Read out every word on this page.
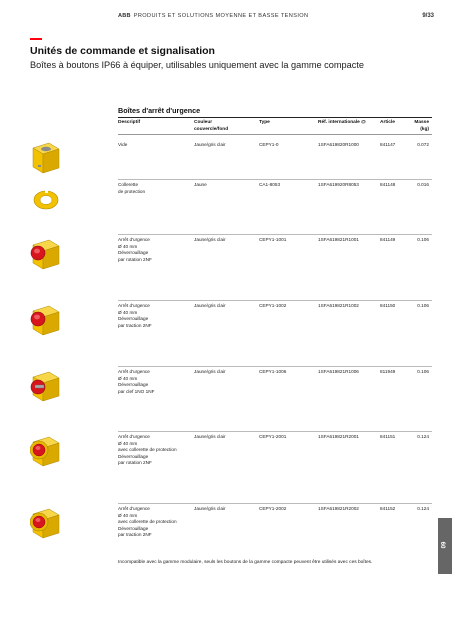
ABB PRODUITS ET SOLUTIONS MOYENNE ET BASSE TENSION	9/33
Unités de commande et signalisation
Boîtes à boutons IP66 à équiper, utilisables uniquement avec la gamme compacte
Boîtes d'arrêt d'urgence
Descriptif	Couleur
couvercle/fond
Type	Réf. internationale @	Article	Masse
(kg)
Vide	Jaune/gris clair	CEPY1-0	1SFA619820R1000	841147	0.072
Collerette
de protection
Jaune	CA1-8053	1SFA619920R8053	841148	0.016
Arrêt d'urgence
Ø 40 mm
Déverrouillage
par rotation 2NF
Jaune/gris clair	CEPY1-1001	1SFA619821R1001	841149	0.106
Arrêt d'urgence
Ø 40 mm
Déverrouillage
par traction 2NF
Jaune/gris clair	CEPY1-1002	1SFA619821R1002	841150	0.106
Arrêt d'urgence
Ø 40 mm
Déverrouillage
par clef 1NO 1NF
Jaune/gris clair	CEPY1-1006	1SFA619821R1006	811949	0.106
Arrêt d'urgence
Ø 40 mm
avec collerette de protection
Déverrouillage
par rotation 2NF
Jaune/gris clair	CEPY1-2001	1SFA619821R2001	841151	0.124
Arrêt d'urgence
Ø 40 mm
avec collerette de protection
Déverrouillage
par traction 2NF
Jaune/gris clair	CEPY1-2002	1SFA619821R2002	841152	0.124
Incompatible avec la gamme modulaire, seuls les boutons de la gamme compacte peuvent être utilisés avec ces boîtes.
09
